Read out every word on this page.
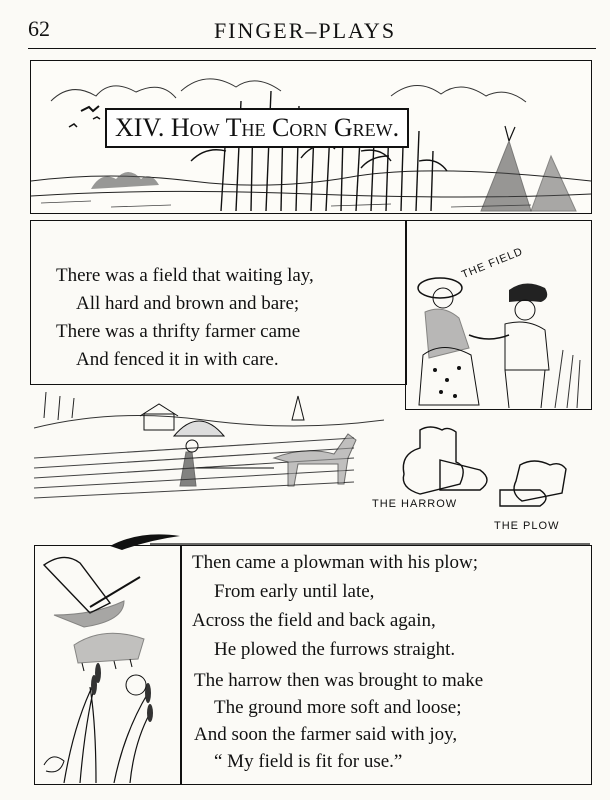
62	FINGER–PLAYS
XIV. How The Corn Grew.
There was a field that waiting lay,
All hard and brown and bare;
There was a thrifty farmer came
And fenced it in with care.
THE FIELD
THE HARROW
THE PLOW
Then came a plowman with his plow;
From early until late,
Across the field and back again,
He plowed the furrows straight.
The harrow then was brought to make
The ground more soft and loose;
And soon the farmer said with joy,
“ My field is fit for use.”
